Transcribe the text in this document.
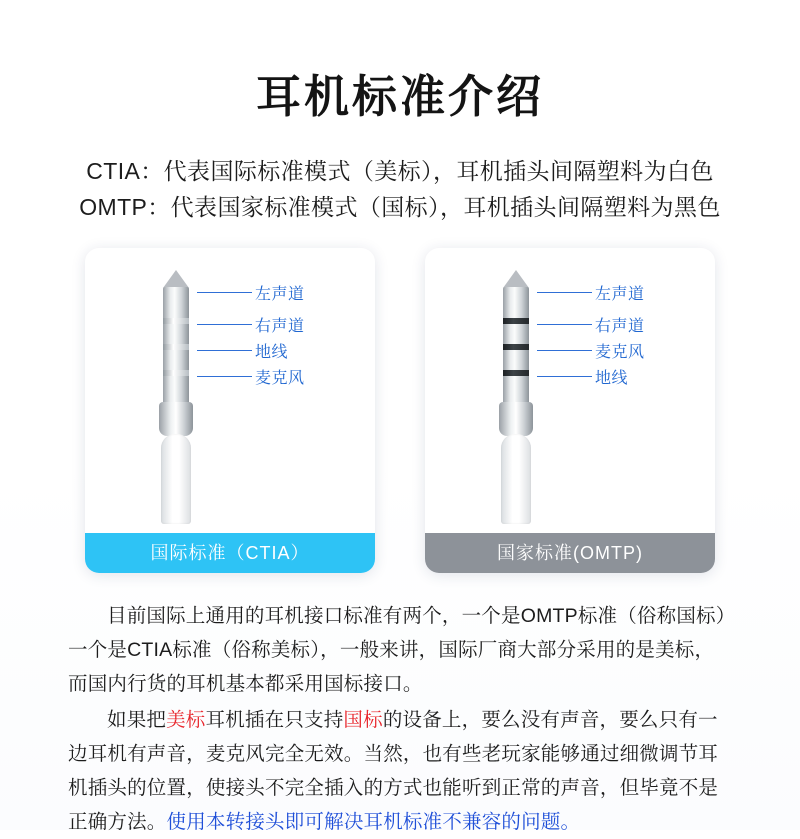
耳机标准介绍
CTIA：代表国际标准模式（美标），耳机插头间隔塑料为白色
OMTP：代表国家标准模式（国标），耳机插头间隔塑料为黑色
左声道
右声道
地线
麦克风
国际标准（CTIA）
左声道
右声道
麦克风
地线
国家标准(OMTP)

目前国际上通用的耳机接口标准有两个，一个是OMTP标准（俗称国标）一个是CTIA标准（俗称美标），一般来讲，国际厂商大部分采用的是美标，而国内行货的耳机基本都采用国标接口。

如果把美标耳机插在只支持国标的设备上，要么没有声音，要么只有一边耳机有声音，麦克风完全无效。当然，也有些老玩家能够通过细微调节耳机插头的位置，使接头不完全插入的方式也能听到正常的声音，但毕竟不是正确方法。使用本转接头即可解决耳机标准不兼容的问题。
